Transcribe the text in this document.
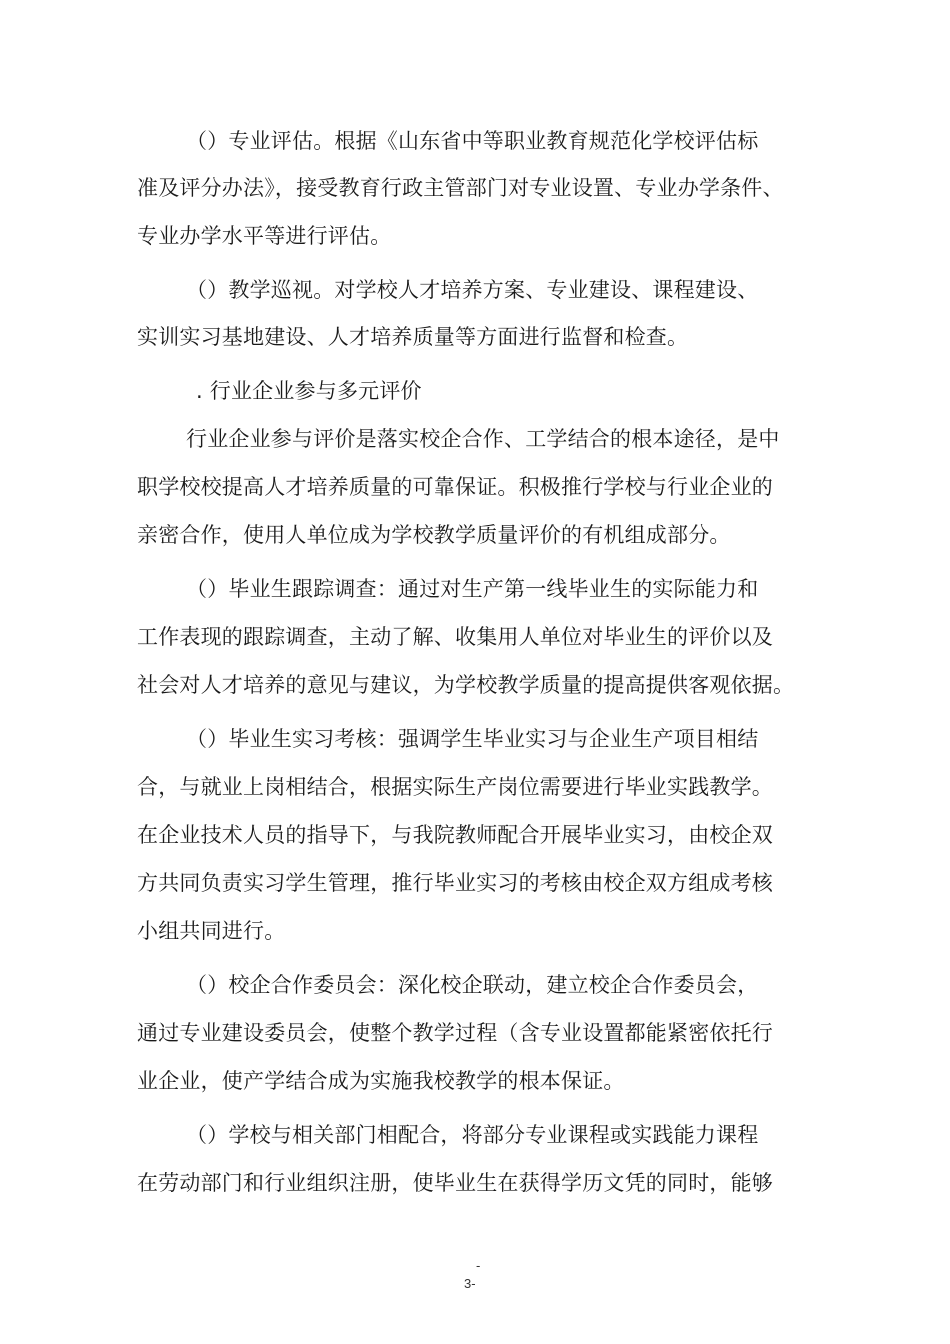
（）专业评估。根据《山东省中等职业教育规范化学校评估标
准及评分办法》，接受教育行政主管部门对专业设置、专业办学条件、
专业办学水平等进行评估。
（）教学巡视。对学校人才培养方案、专业建设、课程建设、
实训实习基地建设、人才培养质量等方面进行监督和检查。
. 行业企业参与多元评价
行业企业参与评价是落实校企合作、工学结合的根本途径，是中
职学校校提高人才培养质量的可靠保证。积极推行学校与行业企业的
亲密合作，使用人单位成为学校教学质量评价的有机组成部分。
（）毕业生跟踪调查：通过对生产第一线毕业生的实际能力和
工作表现的跟踪调查，主动了解、收集用人单位对毕业生的评价以及
社会对人才培养的意见与建议，为学校教学质量的提高提供客观依据。
（）毕业生实习考核：强调学生毕业实习与企业生产项目相结
合，与就业上岗相结合，根据实际生产岗位需要进行毕业实践教学。
在企业技术人员的指导下，与我院教师配合开展毕业实习，由校企双
方共同负责实习学生管理，推行毕业实习的考核由校企双方组成考核
小组共同进行。
（）校企合作委员会：深化校企联动，建立校企合作委员会，
通过专业建设委员会，使整个教学过程（含专业设置都能紧密依托行
业企业，使产学结合成为实施我校教学的根本保证。
（）学校与相关部门相配合，将部分专业课程或实践能力课程
在劳动部门和行业组织注册，使毕业生在获得学历文凭的同时，能够
-
3-
